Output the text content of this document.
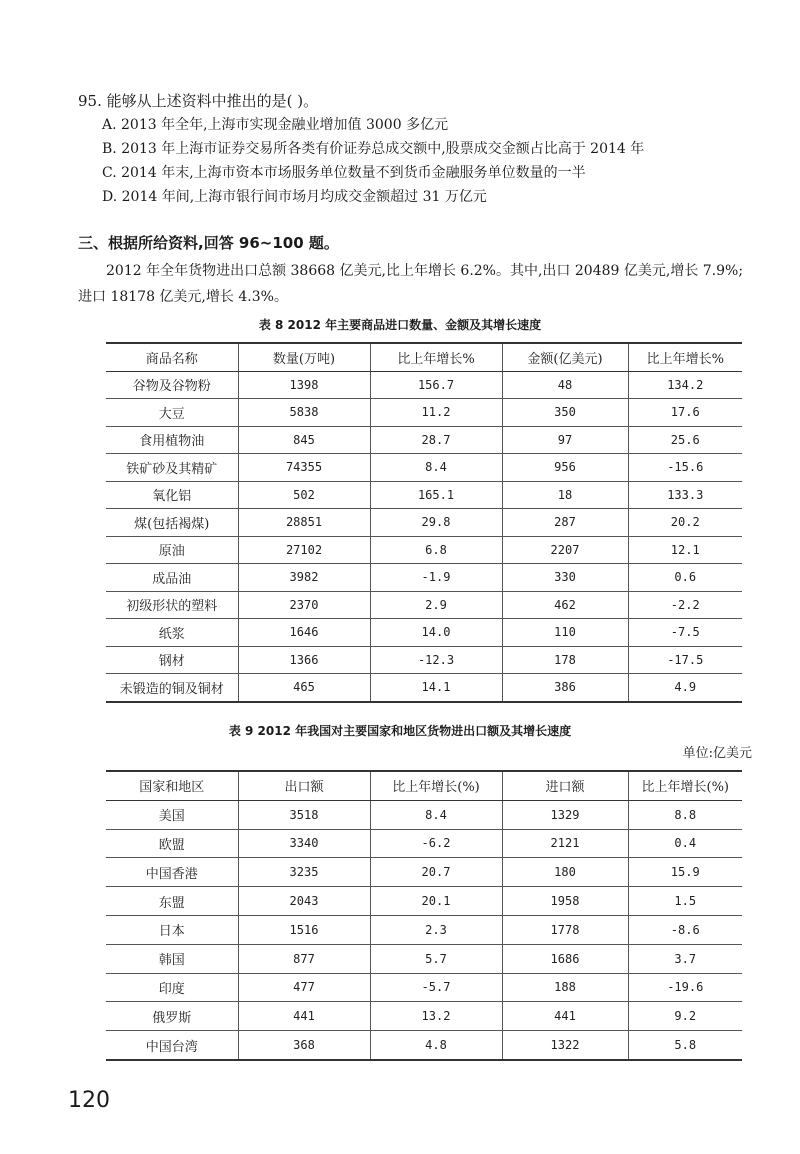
95. 能够从上述资料中推出的是( )。
A. 2013 年全年,上海市实现金融业增加值 3000 多亿元
B. 2013 年上海市证券交易所各类有价证券总成交额中,股票成交金额占比高于 2014 年
C. 2014 年末,上海市资本市场服务单位数量不到货币金融服务单位数量的一半
D. 2014 年间,上海市银行间市场月均成交金额超过 31 万亿元
三、根据所给资料,回答 96~100 题。
2012 年全年货物进出口总额 38668 亿美元,比上年增长 6.2%。其中,出口 20489 亿美元,增长 7.9%;进口 18178 亿美元,增长 4.3%。
表 8 2012 年主要商品进口数量、金额及其增长速度
商品名称	数量(万吨)	比上年增长%	金额(亿美元)	比上年增长%
谷物及谷物粉	1398	156.7	48	134.2
大豆	5838	11.2	350	17.6
食用植物油	845	28.7	97	25.6
铁矿砂及其精矿	74355	8.4	956	-15.6
氧化铝	502	165.1	18	133.3
煤(包括褐煤)	28851	29.8	287	20.2
原油	27102	6.8	2207	12.1
成品油	3982	-1.9	330	0.6
初级形状的塑料	2370	2.9	462	-2.2
纸浆	1646	14.0	110	-7.5
钢材	1366	-12.3	178	-17.5
未锻造的铜及铜材	465	14.1	386	4.9
表 9 2012 年我国对主要国家和地区货物进出口额及其增长速度
单位:亿美元
国家和地区	出口额	比上年增长(%)	进口额	比上年增长(%)
美国	3518	8.4	1329	8.8
欧盟	3340	-6.2	2121	0.4
中国香港	3235	20.7	180	15.9
东盟	2043	20.1	1958	1.5
日本	1516	2.3	1778	-8.6
韩国	877	5.7	1686	3.7
印度	477	-5.7	188	-19.6
俄罗斯	441	13.2	441	9.2
中国台湾	368	4.8	1322	5.8
120
